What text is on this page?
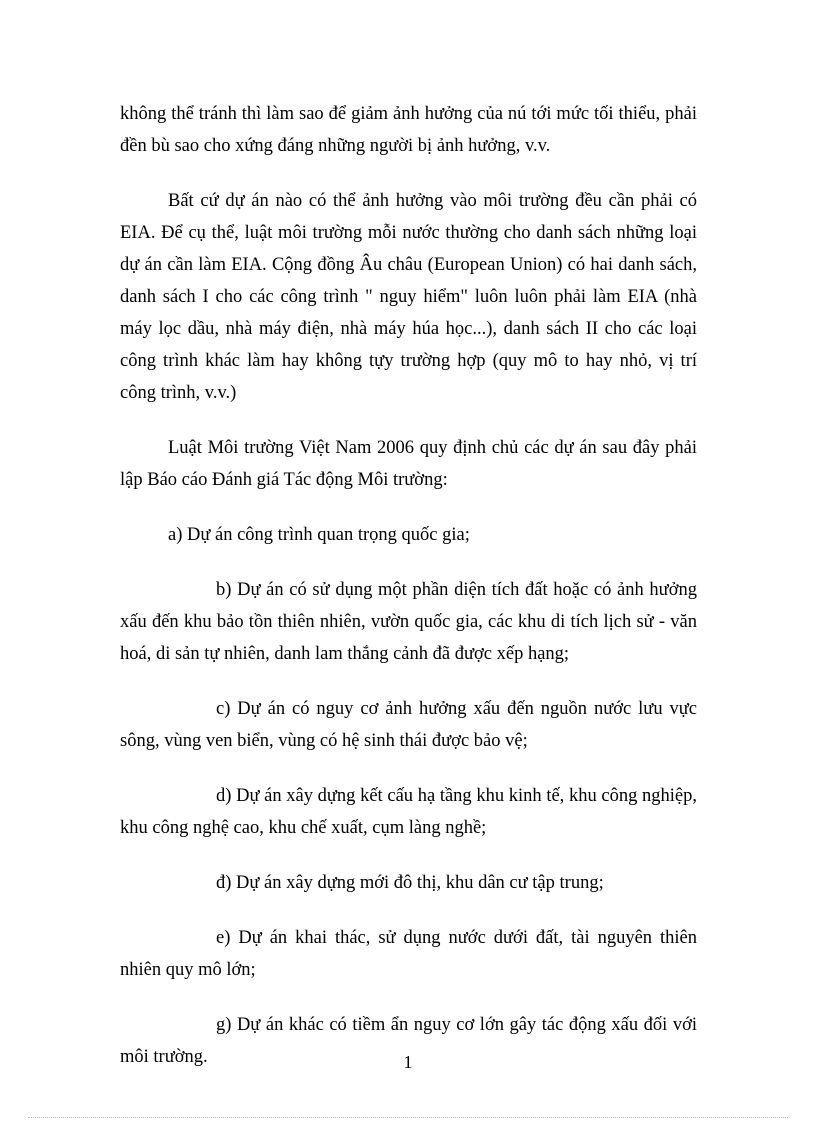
không thể tránh thì làm sao để giảm ảnh hưởng của nú tới mức tối thiểu, phải đền bù sao cho xứng đáng những người bị ảnh hưởng, v.v.

Bất cứ dự án nào có thể ảnh hưởng vào môi trường đều cần phải có EIA. Để cụ thể, luật môi trường mỗi nước thường cho danh sách những loại dự án cần làm EIA. Cộng đồng Âu châu (European Union) có hai danh sách, danh sách I cho các công trình " nguy hiểm" luôn luôn phải làm EIA (nhà máy lọc dầu, nhà máy điện, nhà máy húa học...), danh sách II cho các loại công trình khác làm hay không tựy trường hợp (quy mô to hay nhỏ, vị trí công trình, v.v.)

Luật Môi trường Việt Nam 2006 quy định chủ các dự án sau đây phải lập Báo cáo Đánh giá Tác động Môi trường:

a) Dự án công trình quan trọng quốc gia;

b) Dự án có sử dụng một phần diện tích đất hoặc có ảnh hưởng xấu đến khu bảo tồn thiên nhiên, vườn quốc gia, các khu di tích lịch sử - văn hoá, di sản tự nhiên, danh lam thắng cảnh đã được xếp hạng;

c) Dự án có nguy cơ ảnh hưởng xấu đến nguồn nước lưu vực sông, vùng ven biển, vùng có hệ sinh thái được bảo vệ;

d) Dự án xây dựng kết cấu hạ tầng khu kinh tế, khu công nghiệp, khu công nghệ cao, khu chế xuất, cụm làng nghề;

đ) Dự án xây dựng mới đô thị, khu dân cư tập trung;

e) Dự án khai thác, sử dụng nước dưới đất, tài nguyên thiên nhiên quy mô lớn;

g) Dự án khác có tiềm ẩn nguy cơ lớn gây tác động xấu đối với môi trường.	1
